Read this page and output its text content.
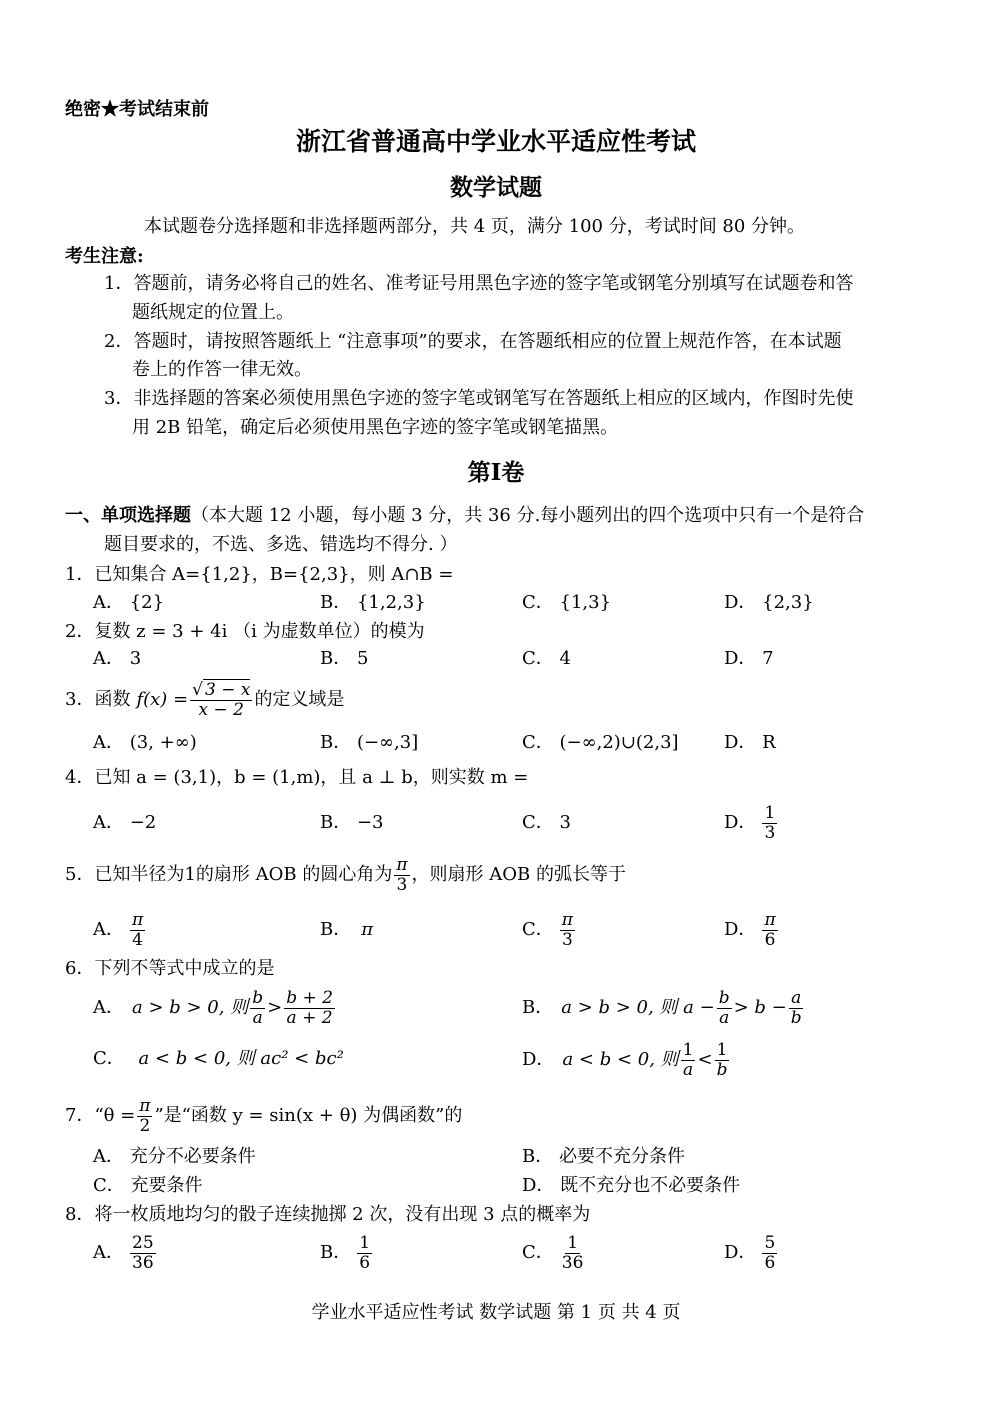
绝密★考试结束前
浙江省普通高中学业水平适应性考试
数学试题
本试题卷分选择题和非选择题两部分，共 4 页，满分 100 分，考试时间 80 分钟。
考生注意:
1．答题前，请务必将自己的姓名、准考证号用黑色字迹的签字笔或钢笔分别填写在试题卷和答
题纸规定的位置上。
2．答题时，请按照答题纸上 “注意事项”的要求，在答题纸相应的位置上规范作答，在本试题
卷上的作答一律无效。
3．非选择题的答案必须使用黑色字迹的签字笔或钢笔写在答题纸上相应的区域内，作图时先使
用 2B 铅笔，确定后必须使用黑色字迹的签字笔或钢笔描黑。
第Ⅰ卷
一、单项选择题（本大题 12 小题，每小题 3 分，共 36 分.每小题列出的四个选项中只有一个是符合
题目要求的，不选、多选、错选均不得分. ）
1．已知集合 A={1,2}，B={2,3}，则 A∩B =
A． {2}	B． {1,2,3}	C． {1,3}	D． {2,3}
2．复数 z = 3 + 4i （i 为虚数单位）的模为
A． 3	B． 5	C． 4	D． 7
3．函数 $f(x) = \frac{√ 3 - x}{x - 2}$ 的定义域是
A． (3, +∞)	B． (−∞,3]	C． (−∞,2)∪(2,3]	D． R
4．已知 a = (3,1)，b = (1,m)，且 a ⊥ b，则实数 m =
A． −2	B． −3	C． 3	D． $\frac{1}{3}$
5．已知半径为1的扇形 AOB 的圆心角为 $\frac{\pi}{3}$ ，则扇形 AOB 的弧长等于
A． $\frac{\pi}{4}$	B． π	C． $\frac{\pi}{3}$	D． $\frac{\pi}{6}$
6．下列不等式中成立的是
A． a > b > 0, 则 $\frac{b}{a} > \frac{b + 2}{a + 2}$	B． a > b > 0, 则 $a - \frac{b}{a} > b - \frac{a}{b}$
C． a < b < 0, 则 ac² < bc²	D． a < b < 0, 则 $\frac{1}{a} < \frac{1}{b}$
7．“$\theta = \frac{\pi}{2}$ ”是“函数 y = sin(x + θ) 为偶函数”的
A． 充分不必要条件	B． 必要不充分条件
C． 充要条件	D． 既不充分也不必要条件
8．将一枚质地均匀的骰子连续抛掷 2 次，没有出现 3 点的概率为
A． $\frac{25}{36}$	B． $\frac{1}{6}$	C． $\frac{1}{36}$	D． $\frac{5}{6}$
学业水平适应性考试 数学试题 第 1 页 共 4 页
